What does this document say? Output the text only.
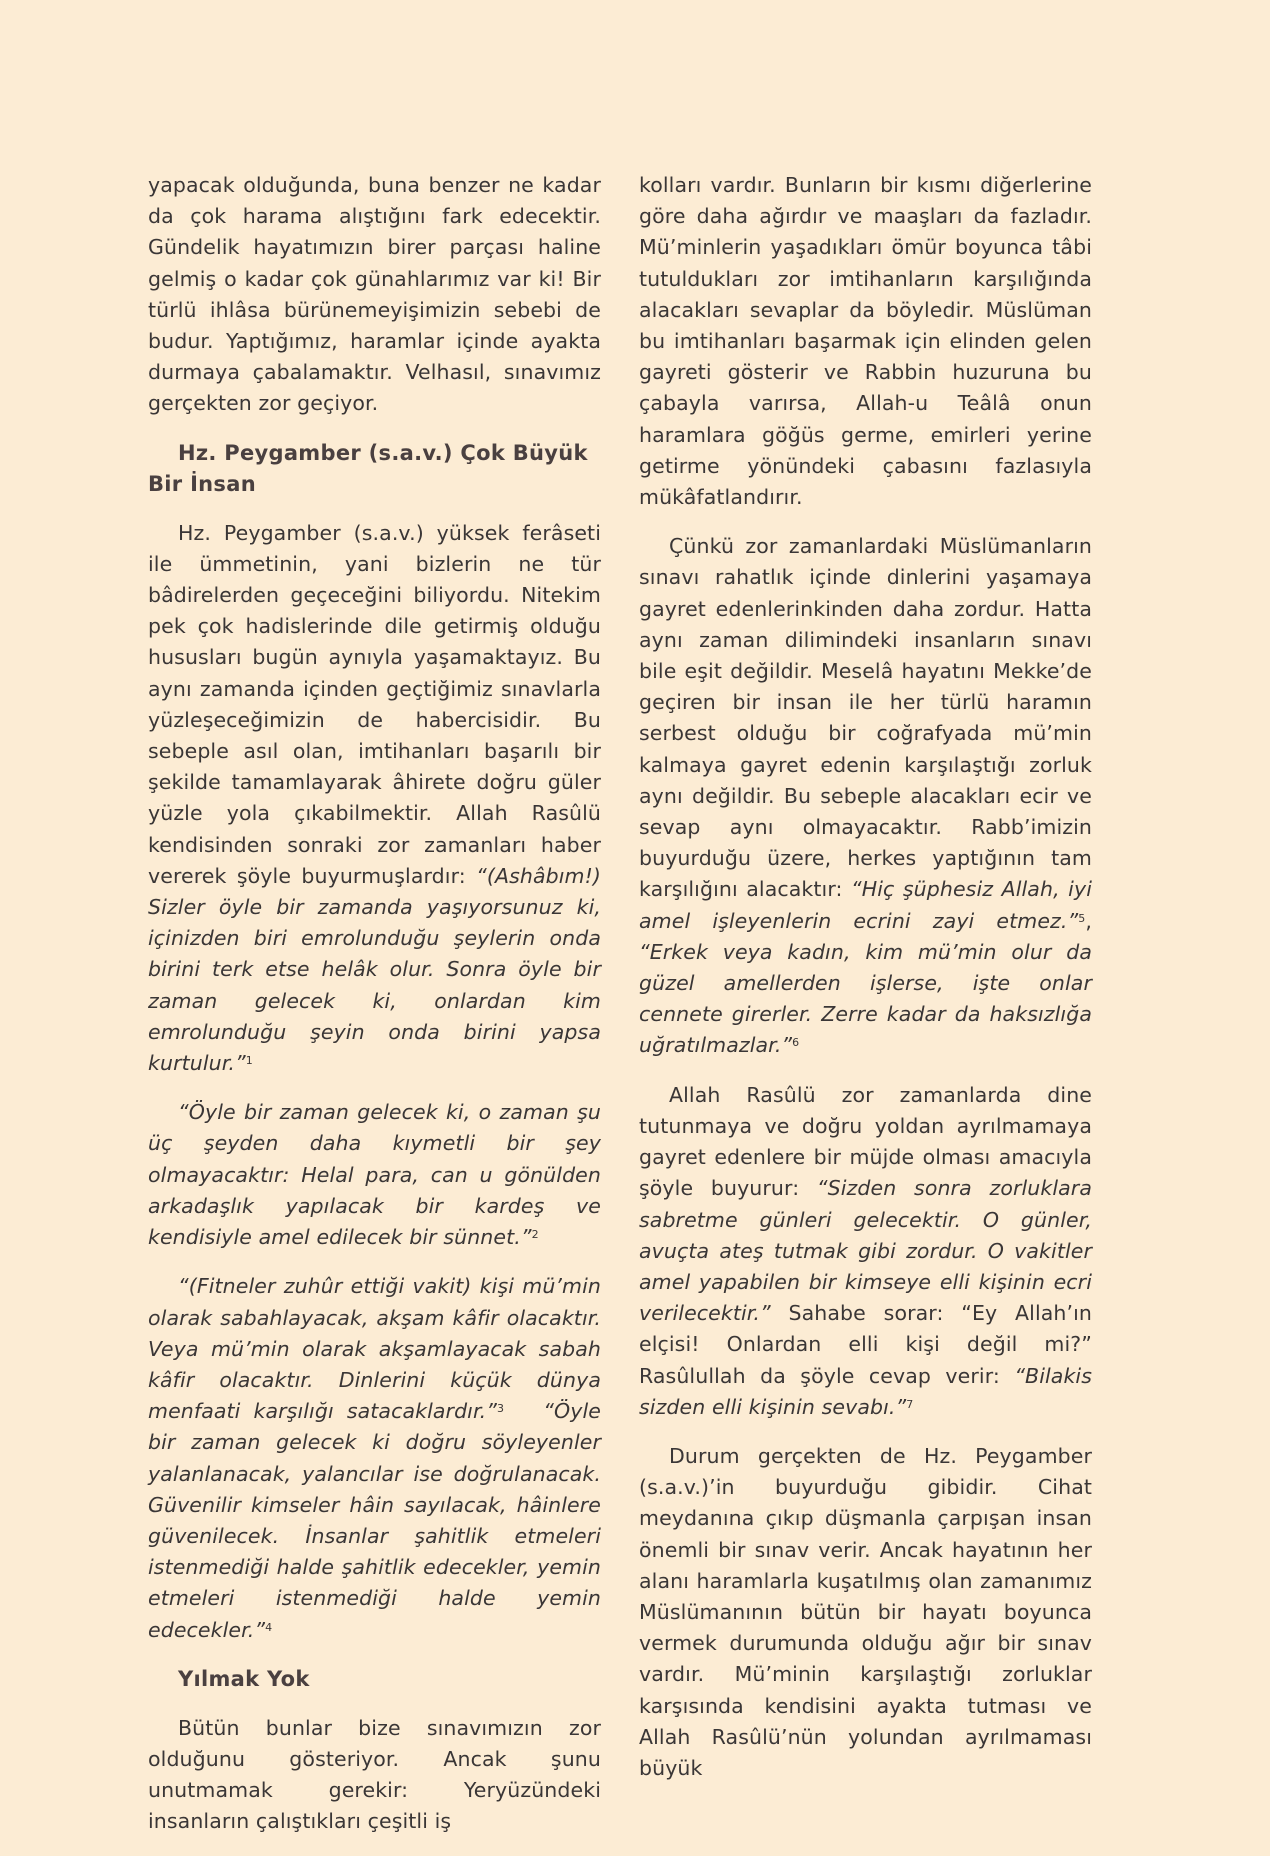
yapacak olduğunda, buna benzer ne kadar da çok harama alıştığını fark edecektir. Gündelik hayatımızın birer parçası haline gelmiş o kadar çok günahlarımız var ki! Bir türlü ihlâsa bürünemeyişimizin sebebi de budur. Yaptığımız, haramlar içinde ayakta durmaya çabalamaktır. Velhasıl, sınavımız gerçekten zor geçiyor.

Hz. Peygamber (s.a.v.) Çok Büyük Bir İnsan

Hz. Peygamber (s.a.v.) yüksek ferâseti ile ümmetinin, yani bizlerin ne tür bâdirelerden geçeceğini biliyordu. Nitekim pek çok hadislerinde dile getirmiş olduğu hususları bugün aynıyla yaşamaktayız. Bu aynı zamanda içinden geçtiğimiz sınavlarla yüzleşeceğimizin de habercisidir. Bu sebeple asıl olan, imtihanları başarılı bir şekilde tamamlayarak âhirete doğru güler yüzle yola çıkabilmektir. Allah Rasûlü kendisinden sonraki zor zamanları haber vererek şöyle buyurmuşlardır: “(Ashâbım!) Sizler öyle bir zamanda yaşıyorsunuz ki, içinizden biri emrolunduğu şeylerin onda birini terk etse helâk olur. Sonra öyle bir zaman gelecek ki, onlardan kim emrolunduğu şeyin onda birini yapsa kurtulur.”$^1$

“Öyle bir zaman gelecek ki, o zaman şu üç şeyden daha kıymetli bir şey olmayacaktır: Helal para, can u gönülden arkadaşlık yapılacak bir kardeş ve kendisiyle amel edilecek bir sünnet.”$^2$

“(Fitneler zuhûr ettiği vakit) kişi mü’min olarak sabahlayacak, akşam kâfir olacaktır. Veya mü’min olarak akşamlayacak sabah kâfir olacaktır. Dinlerini küçük dünya menfaati karşılığı satacaklardır.”$^3$ “Öyle bir zaman gelecek ki doğru söyleyenler yalanlanacak, yalancılar ise doğrulanacak. Güvenilir kimseler hâin sayılacak, hâinlere güvenilecek. İnsanlar şahitlik etmeleri istenmediği halde şahitlik edecekler, yemin etmeleri istenmediği halde yemin edecekler.”$^4$

Yılmak Yok

Bütün bunlar bize sınavımızın zor olduğunu gösteriyor. Ancak şunu unutmamak gerekir: Yeryüzündeki insanların çalıştıkları çeşitli iş

kolları vardır. Bunların bir kısmı diğerlerine göre daha ağırdır ve maaşları da fazladır. Mü’minlerin yaşadıkları ömür boyunca tâbi tutuldukları zor imtihanların karşılığında alacakları sevaplar da böyledir. Müslüman bu imtihanları başarmak için elinden gelen gayreti gösterir ve Rabbin huzuruna bu çabayla varırsa, Allah-u Teâlâ onun haramlara göğüs germe, emirleri yerine getirme yönündeki çabasını fazlasıyla mükâfatlandırır.

Çünkü zor zamanlardaki Müslümanların sınavı rahatlık içinde dinlerini yaşamaya gayret edenlerinkinden daha zordur. Hatta aynı zaman dilimindeki insanların sınavı bile eşit değildir. Meselâ hayatını Mekke’de geçiren bir insan ile her türlü haramın serbest olduğu bir coğrafyada mü’min kalmaya gayret edenin karşılaştığı zorluk aynı değildir. Bu sebeple alacakları ecir ve sevap aynı olmayacaktır. Rabb’imizin buyurduğu üzere, herkes yaptığının tam karşılığını alacaktır: “Hiç şüphesiz Allah, iyi amel işleyenlerin ecrini zayi etmez.”$^5$, “Erkek veya kadın, kim mü’min olur da güzel amellerden işlerse, işte onlar cennete girerler. Zerre kadar da haksızlığa uğratılmazlar.”$^6$

Allah Rasûlü zor zamanlarda dine tutunmaya ve doğru yoldan ayrılmamaya gayret edenlere bir müjde olması amacıyla şöyle buyurur: “Sizden sonra zorluklara sabretme günleri gelecektir. O günler, avuçta ateş tutmak gibi zordur. O vakitler amel yapabilen bir kimseye elli kişinin ecri verilecektir.” Sahabe sorar: “Ey Allah’ın elçisi! Onlardan elli kişi değil mi?” Rasûlullah da şöyle cevap verir: “Bilakis sizden elli kişinin sevabı.”$^7$

Durum gerçekten de Hz. Peygamber (s.a.v.)’in buyurduğu gibidir. Cihat meydanına çıkıp düşmanla çarpışan insan önemli bir sınav verir. Ancak hayatının her alanı haramlarla kuşatılmış olan zamanımız Müslümanının bütün bir hayatı boyunca vermek durumunda olduğu ağır bir sınav vardır. Mü’minin karşılaştığı zorluklar karşısında kendisini ayakta tutması ve Allah Rasûlü’nün yolundan ayrılmaması büyük
